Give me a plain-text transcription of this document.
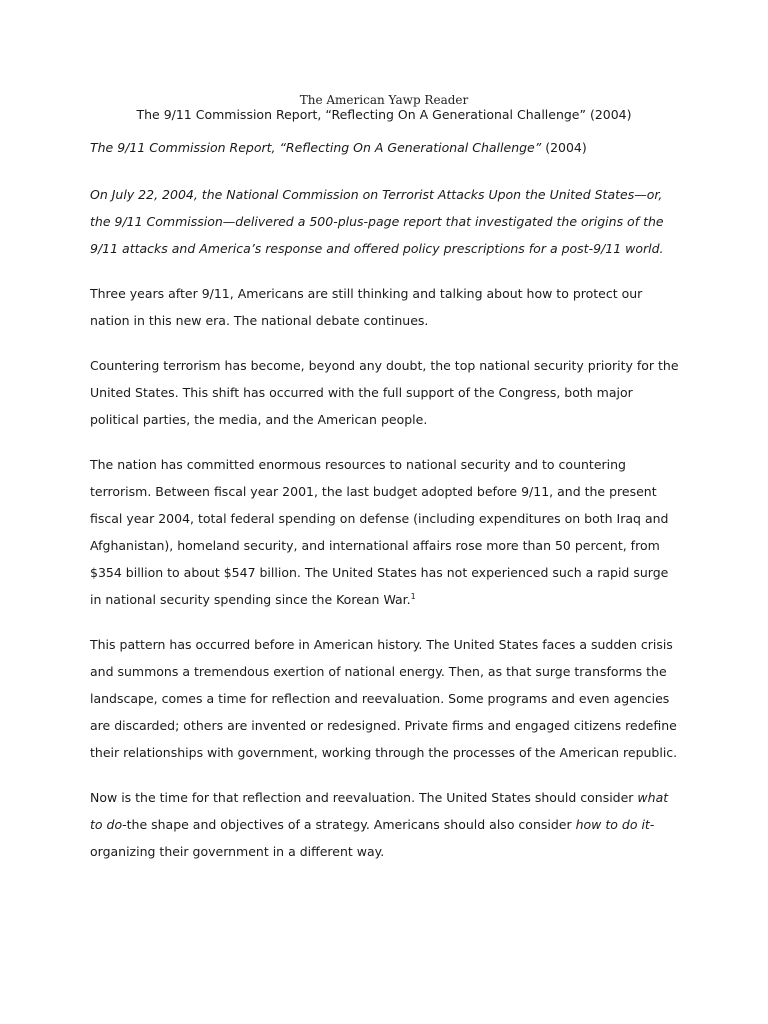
The American Yawp Reader
The 9/11 Commission Report, “Reflecting On A Generational Challenge” (2004)

The 9/11 Commission Report, “Reflecting On A Generational Challenge” (2004)

On July 22, 2004, the National Commission on Terrorist Attacks Upon the United States—or, the 9/11 Commission—delivered a 500-plus-page report that investigated the origins of the 9/11 attacks and America’s response and offered policy prescriptions for a post-9/11 world.

Three years after 9/11, Americans are still thinking and talking about how to protect our nation in this new era. The national debate continues.

Countering terrorism has become, beyond any doubt, the top national security priority for the United States. This shift has occurred with the full support of the Congress, both major political parties, the media, and the American people.

The nation has committed enormous resources to national security and to countering terrorism. Between fiscal year 2001, the last budget adopted before 9/11, and the present fiscal year 2004, total federal spending on defense (including expenditures on both Iraq and Afghanistan), homeland security, and international affairs rose more than 50 percent, from $354 billion to about $547 billion. The United States has not experienced such a rapid surge in national security spending since the Korean War.$^1$

This pattern has occurred before in American history. The United States faces a sudden crisis and summons a tremendous exertion of national energy. Then, as that surge transforms the landscape, comes a time for reflection and reevaluation. Some programs and even agencies are discarded; others are invented or redesigned. Private firms and engaged citizens redefine their relationships with government, working through the processes of the American republic.

Now is the time for that reflection and reevaluation. The United States should consider what to do-the shape and objectives of a strategy. Americans should also consider how to do it-organizing their government in a different way.
